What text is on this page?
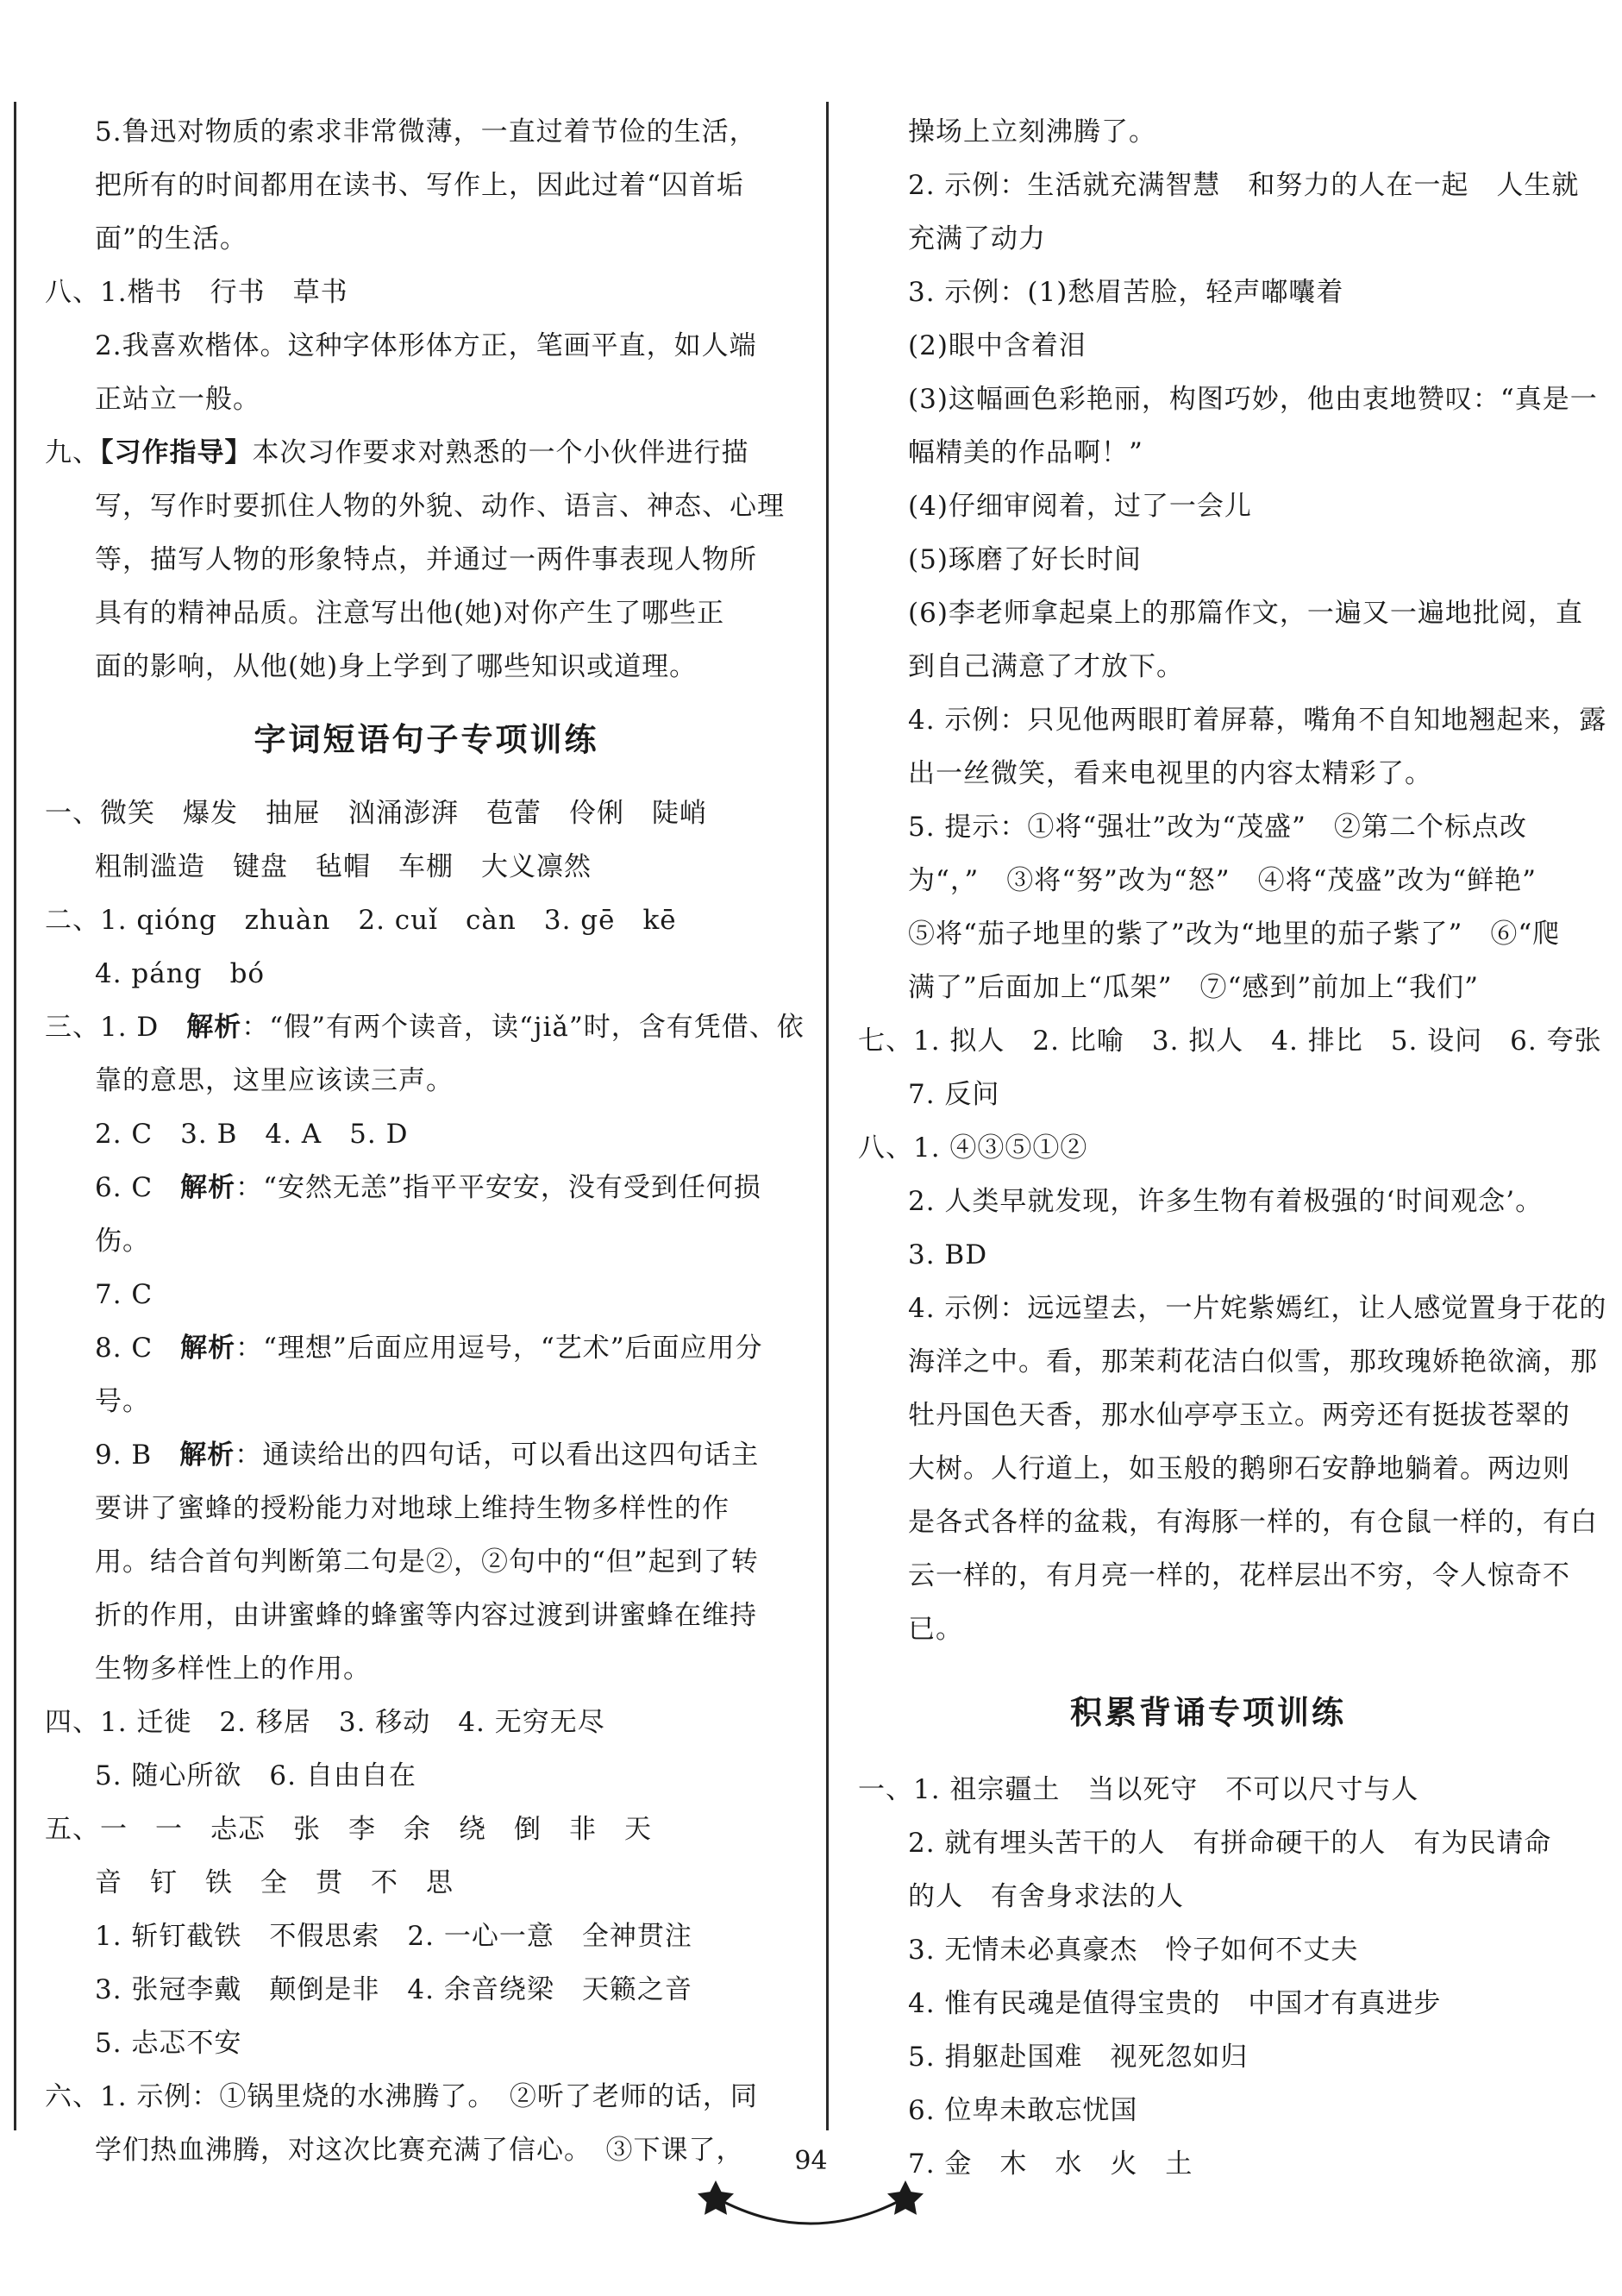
5.鲁迅对物质的索求非常微薄，一直过着节俭的生活，
把所有的时间都用在读书、写作上，因此过着“囚首垢
面”的生活。
八、1.楷书　行书　草书
2.我喜欢楷体。这种字体形体方正，笔画平直，如人端
正站立一般。
九、【习作指导】本次习作要求对熟悉的一个小伙伴进行描
写，写作时要抓住人物的外貌、动作、语言、神态、心理
等，描写人物的形象特点，并通过一两件事表现人物所
具有的精神品质。注意写出他(她)对你产生了哪些正
面的影响，从他(她)身上学到了哪些知识或道理。
字词短语句子专项训练
一、微笑　爆发　抽屉　汹涌澎湃　苞蕾　伶俐　陡峭
粗制滥造　键盘　毡帽　车棚　大义凛然
二、1. qióng　zhuàn　2. cuǐ　càn　3. gē　kē
4. páng　bó
三、1. D　解析：“假”有两个读音，读“jiǎ”时，含有凭借、依
靠的意思，这里应该读三声。
2. C　3. B　4. A　5. D
6. C　解析：“安然无恙”指平平安安，没有受到任何损
伤。
7. C
8. C　解析：“理想”后面应用逗号，“艺术”后面应用分
号。
9. B　解析：通读给出的四句话，可以看出这四句话主
要讲了蜜蜂的授粉能力对地球上维持生物多样性的作
用。结合首句判断第二句是②，②句中的“但”起到了转
折的作用，由讲蜜蜂的蜂蜜等内容过渡到讲蜜蜂在维持
生物多样性上的作用。
四、1. 迁徙　2. 移居　3. 移动　4. 无穷无尽
5. 随心所欲　6. 自由自在
五、一　一　忐忑　张　李　余　绕　倒　非　天
音　钉　铁　全　贯　不　思
1. 斩钉截铁　不假思索　2. 一心一意　全神贯注
3. 张冠李戴　颠倒是非　4. 余音绕梁　天籁之音
5. 忐忑不安
六、1. 示例：①锅里烧的水沸腾了。　②听了老师的话，同
学们热血沸腾，对这次比赛充满了信心。　③下课了，
操场上立刻沸腾了。
2. 示例：生活就充满智慧　和努力的人在一起　人生就
充满了动力
3. 示例：(1)愁眉苦脸，轻声嘟囔着
(2)眼中含着泪
(3)这幅画色彩艳丽，构图巧妙，他由衷地赞叹：“真是一
幅精美的作品啊！”
(4)仔细审阅着，过了一会儿
(5)琢磨了好长时间
(6)李老师拿起桌上的那篇作文，一遍又一遍地批阅，直
到自己满意了才放下。
4. 示例：只见他两眼盯着屏幕，嘴角不自知地翘起来，露
出一丝微笑，看来电视里的内容太精彩了。
5. 提示：①将“强壮”改为“茂盛”　②第二个标点改
为“，”　③将“努”改为“怒”　④将“茂盛”改为“鲜艳”
⑤将“茄子地里的紫了”改为“地里的茄子紫了”　⑥“爬
满了”后面加上“瓜架”　⑦“感到”前加上“我们”
七、1. 拟人　2. 比喻　3. 拟人　4. 排比　5. 设问　6. 夸张
7. 反问
八、1. ④③⑤①②
2. 人类早就发现，许多生物有着极强的‘时间观念’。
3. BD
4. 示例：远远望去，一片姹紫嫣红，让人感觉置身于花的
海洋之中。看，那茉莉花洁白似雪，那玫瑰娇艳欲滴，那
牡丹国色天香，那水仙亭亭玉立。两旁还有挺拔苍翠的
大树。人行道上，如玉般的鹅卵石安静地躺着。两边则
是各式各样的盆栽，有海豚一样的，有仓鼠一样的，有白
云一样的，有月亮一样的，花样层出不穷，令人惊奇不
已。
积累背诵专项训练
一、1. 祖宗疆土　当以死守　不可以尺寸与人
2. 就有埋头苦干的人　有拼命硬干的人　有为民请命
的人　有舍身求法的人
3. 无情未必真豪杰　怜子如何不丈夫
4. 惟有民魂是值得宝贵的　中国才有真进步
5. 捐躯赴国难　视死忽如归
6. 位卑未敢忘忧国
7. 金　木　水　火　土
94
